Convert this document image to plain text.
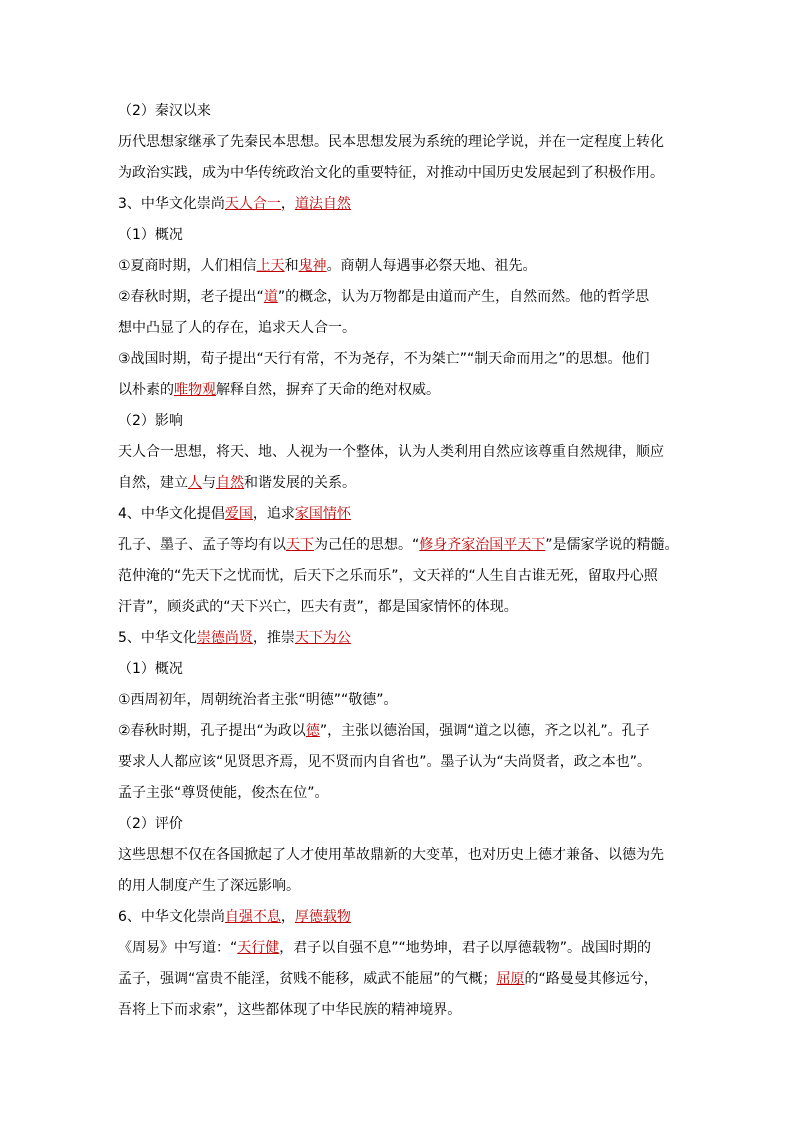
（2）秦汉以来
历代思想家继承了先秦民本思想。民本思想发展为系统的理论学说，并在一定程度上转化
为政治实践，成为中华传统政治文化的重要特征，对推动中国历史发展起到了积极作用。
3、中华文化崇尚天人合一，道法自然
（1）概况
①夏商时期，人们相信上天和鬼神。商朝人每遇事必祭天地、祖先。
②春秋时期，老子提出“道”的概念，认为万物都是由道而产生，自然而然。他的哲学思
想中凸显了人的存在，追求天人合一。
③战国时期，荀子提出“天行有常，不为尧存，不为桀亡”“制天命而用之”的思想。他们
以朴素的唯物观解释自然，摒弃了天命的绝对权威。
（2）影响
天人合一思想，将天、地、人视为一个整体，认为人类利用自然应该尊重自然规律，顺应
自然，建立人与自然和谐发展的关系。
4、中华文化提倡爱国，追求家国情怀
孔子、墨子、孟子等均有以天下为己任的思想。“修身齐家治国平天下”是儒家学说的精髓。
范仲淹的“先天下之忧而忧，后天下之乐而乐”，文天祥的“人生自古谁无死，留取丹心照
汗青”，顾炎武的“天下兴亡，匹夫有责”，都是国家情怀的体现。
5、中华文化崇德尚贤，推崇天下为公
（1）概况
①西周初年，周朝统治者主张“明德”“敬德”。
②春秋时期，孔子提出“为政以德”，主张以德治国，强调“道之以德，齐之以礼”。孔子
要求人人都应该“见贤思齐焉，见不贤而内自省也”。墨子认为“夫尚贤者，政之本也”。
孟子主张“尊贤使能，俊杰在位”。
（2）评价
这些思想不仅在各国掀起了人才使用革故鼎新的大变革，也对历史上德才兼备、以德为先
的用人制度产生了深远影响。
6、中华文化崇尚自强不息，厚德载物
《周易》中写道：“天行健，君子以自强不息”“地势坤，君子以厚德载物”。战国时期的
孟子，强调“富贵不能淫，贫贱不能移，威武不能屈”的气概；屈原的“路曼曼其修远兮，
吾将上下而求索”，这些都体现了中华民族的精神境界。
